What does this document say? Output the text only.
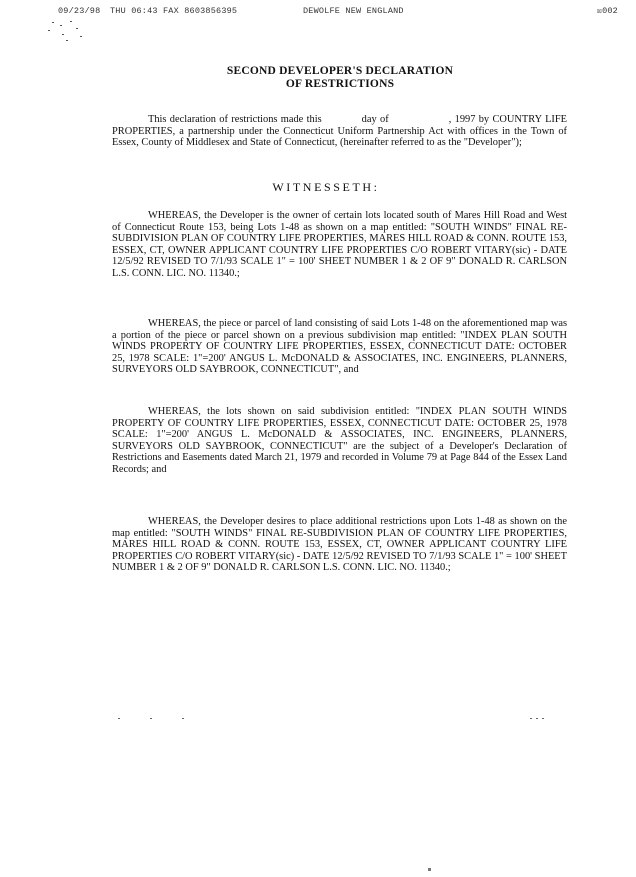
09/23/98 THU 06:43 FAX 8603856395	DEWOLFE NEW ENGLAND	☒002
SECOND DEVELOPER'S DECLARATION
OF RESTRICTIONS
This declaration of restrictions made this            day of                  , 1997 by COUNTRY LIFE PROPERTIES, a partnership under the Connecticut Uniform Partnership Act with offices in the Town of Essex, County of Middlesex and State of Connecticut, (hereinafter referred to as the "Developer");
WITNESSETH:
WHEREAS, the Developer is the owner of certain lots located south of Mares Hill Road and West of Connecticut Route 153, being Lots 1-48 as shown on a map entitled: "SOUTH WINDS" FINAL RE-SUBDIVISION PLAN OF COUNTRY LIFE PROPERTIES, MARES HILL ROAD & CONN. ROUTE 153, ESSEX, CT, OWNER APPLICANT COUNTRY LIFE PROPERTIES C/O ROBERT VITARY(sic) - DATE 12/5/92 REVISED TO 7/1/93 SCALE 1" = 100' SHEET NUMBER 1 & 2 OF 9" DONALD R. CARLSON L.S. CONN. LIC. NO. 11340.;
WHEREAS, the piece or parcel of land consisting of said Lots 1-48 on the aforementioned map was a portion of the piece or parcel shown on a previous subdivision map entitled: "INDEX PLAN SOUTH WINDS PROPERTY OF COUNTRY LIFE PROPERTIES, ESSEX, CONNECTICUT DATE: OCTOBER 25, 1978 SCALE: 1"=200' ANGUS L. McDONALD & ASSOCIATES, INC. ENGINEERS, PLANNERS, SURVEYORS OLD SAYBROOK, CONNECTICUT", and
WHEREAS, the lots shown on said subdivision entitled: "INDEX PLAN SOUTH WINDS PROPERTY OF COUNTRY LIFE PROPERTIES, ESSEX, CONNECTICUT DATE: OCTOBER 25, 1978 SCALE: 1"=200' ANGUS L. McDONALD & ASSOCIATES, INC. ENGINEERS, PLANNERS, SURVEYORS OLD SAYBROOK, CONNECTICUT" are the subject of a Developer's Declaration of Restrictions and Easements dated March 21, 1979 and recorded in Volume 79 at Page 844 of the Essex Land Records; and
WHEREAS, the Developer desires to place additional restrictions upon Lots 1-48 as shown on the map entitled: "SOUTH WINDS" FINAL RE-SUBDIVISION PLAN OF COUNTRY LIFE PROPERTIES, MARES HILL ROAD & CONN. ROUTE 153, ESSEX, CT, OWNER APPLICANT COUNTRY LIFE PROPERTIES C/O ROBERT VITARY(sic) - DATE 12/5/92 REVISED TO 7/1/93 SCALE 1" = 100' SHEET NUMBER 1 & 2 OF 9" DONALD R. CARLSON L.S. CONN. LIC. NO. 11340.;
